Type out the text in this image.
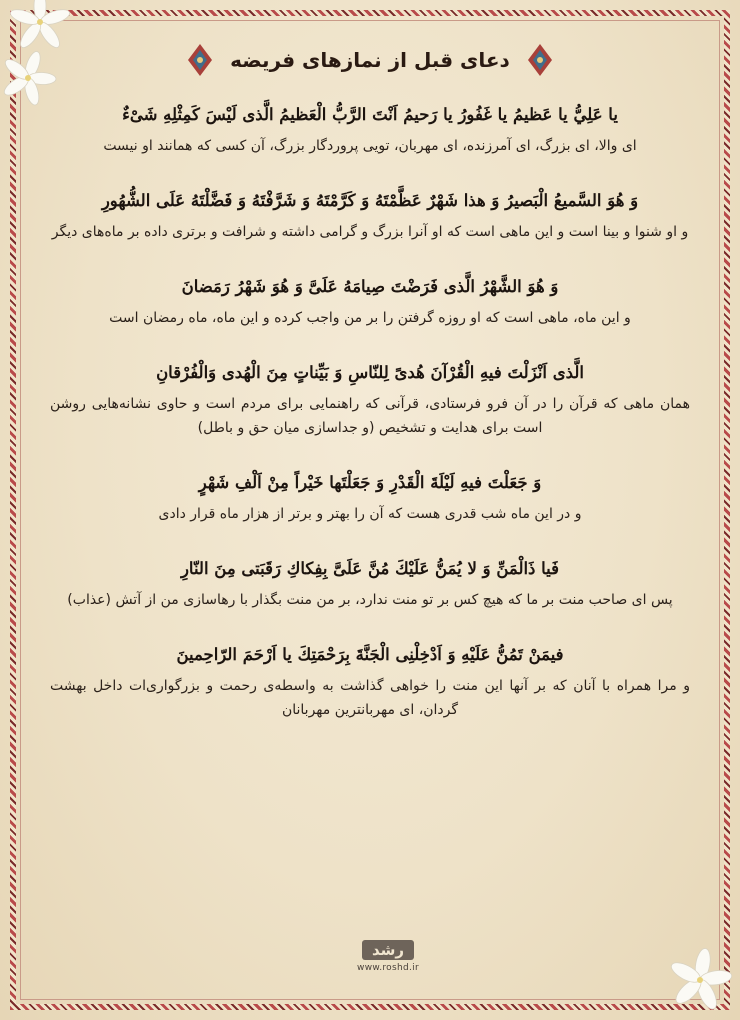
دعای قبل از نمازهای فریضه
يا عَلِيُّ يا عَظيمُ يا غَفُورُ يا رَحيمُ اَنْتَ الرَّبُّ الْعَظيمُ الَّذى لَيْسَ كَمِثْلِهِ شَىْءٌ
ای والا، ای بزرگ، ای آمرزنده، ای مهربان، تویی پروردگار بزرگ، آن کسی که همانند او نیست
وَ هُوَ السَّميعُ الْبَصيرُ وَ هذا شَهْرٌ عَظَّمْتَهُ وَ كَرَّمْتَهُ وَ شَرَّفْتَهُ وَ فَضَّلْتَهُ عَلَى الشُّهُورِ
و او شنوا و بینا است و این ماهی است که او آنرا بزرگ و گرامی داشته و شرافت و برتری داده بر ماه‌های دیگر
وَ هُوَ الشَّهْرُ الَّذى فَرَضْتَ صِيامَهُ عَلَىَّ وَ هُوَ شَهْرُ رَمَضانَ
و این ماه، ماهی است که او روزه گرفتن را بر من واجب کرده و این ماه، ماه رمضان است
الَّذى اَنْزَلْتَ فيهِ الْقُرْآنَ هُدىً لِلنّاسِ وَ بَيِّناتٍ مِنَ الْهُدى وَالْفُرْقانِ
همان ماهی که قرآن را در آن فرو فرستادی، قرآنی که راهنمایی برای مردم است و حاوی نشانه‌هایی روشن است برای هدایت و تشخیص (و جداسازی میان حق و باطل)
وَ جَعَلْتَ فيهِ لَيْلَةَ الْقَدْرِ وَ جَعَلْتَها خَيْراً مِنْ اَلْفِ شَهْرٍ
و در این ماه شب قدری هست که آن را بهتر و برتر از هزار ماه قرار دادی
فَيا ذَالْمَنِّ وَ لا يُمَنُّ عَلَيْكَ مُنَّ عَلَىَّ بِفِكاكِ رَقَبَتى مِنَ النّارِ
پس ای صاحب منت بر ما که هیچ کس بر تو منت ندارد، بر من منت بگذار با رهاسازی من از آتش (عذاب)
فيمَنْ تَمُنُّ عَلَيْهِ وَ اَدْخِلْنِى الْجَنَّةَ بِرَحْمَتِكَ يا اَرْحَمَ الرّاحِمينَ
و مرا همراه با آنان که بر آنها این منت را خواهی گذاشت به واسطه‌ی رحمت و بزرگواری‌ات داخل بهشت گردان، ای مهربانترین مهربانان
رشد
www.roshd.ir
